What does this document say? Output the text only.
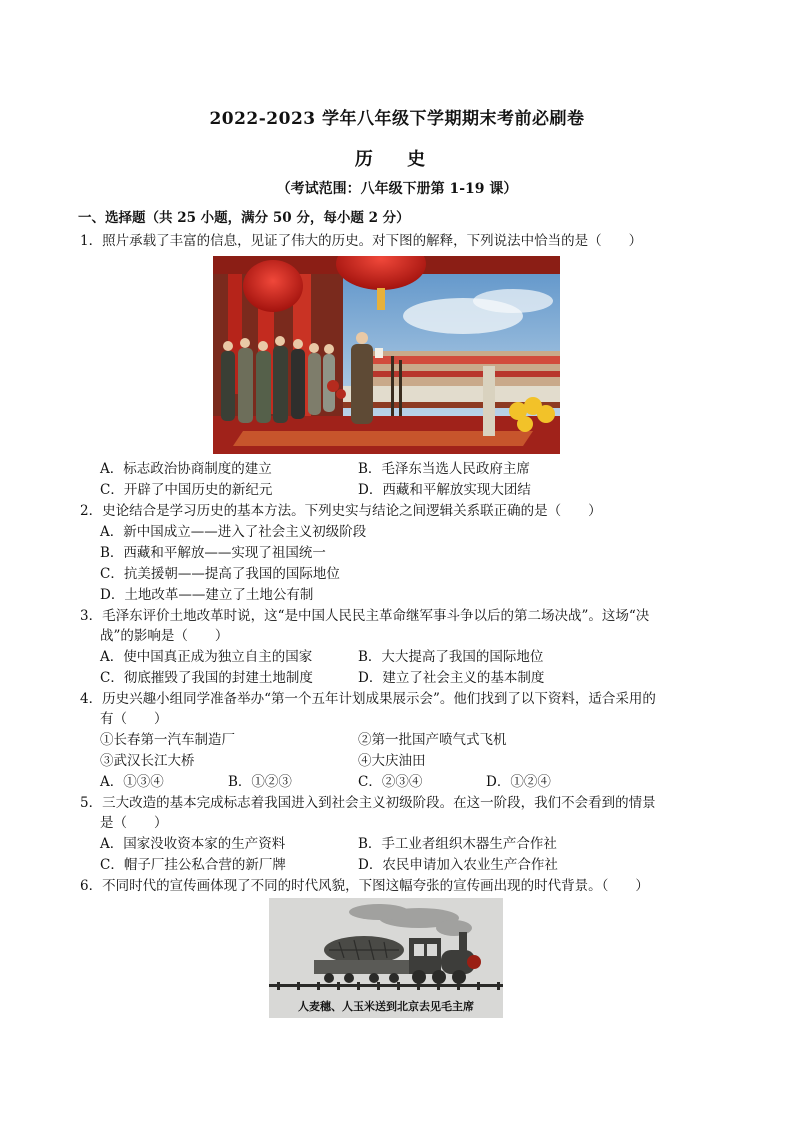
2022-2023 学年八年级下学期期末考前必刷卷
历 史
（考试范围：八年级下册第 1-19 课）
一、选择题（共 25 小题，满分 50 分，每小题 2 分）
1．照片承载了丰富的信息，见证了伟大的历史。对下图的解释，下列说法中恰当的是（　　）
A．标志政治协商制度的建立	B．毛泽东当选人民政府主席
C．开辟了中国历史的新纪元	D．西藏和平解放实现大团结
2．史论结合是学习历史的基本方法。下列史实与结论之间逻辑关系联正确的是（　　）
A．新中国成立——进入了社会主义初级阶段
B．西藏和平解放——实现了祖国统一
C．抗美援朝——提高了我国的国际地位
D．土地改革——建立了土地公有制
3．毛泽东评价土地改革时说，这“是中国人民民主革命继军事斗争以后的第二场决战”。这场“决
战”的影响是（　　）
A．使中国真正成为独立自主的国家	B．大大提高了我国的国际地位
C．彻底摧毁了我国的封建土地制度	D．建立了社会主义的基本制度
4．历史兴趣小组同学准备举办“第一个五年计划成果展示会”。他们找到了以下资料，适合采用的
有（　　）
①长春第一汽车制造厂	②第一批国产喷气式飞机
③武汉长江大桥	④大庆油田
A．①③④	B．①②③	C．②③④	D．①②④
5．三大改造的基本完成标志着我国进入到社会主义初级阶段。在这一阶段，我们不会看到的情景
是（　　）
A．国家没收资本家的生产资料	B．手工业者组织木器生产合作社
C．帽子厂挂公私合营的新厂牌	D．农民申请加入农业生产合作社
6．不同时代的宣传画体现了不同的时代风貌，下图这幅夸张的宣传画出现的时代背景。（　　）
人麦穗、人玉米送到北京去见毛主席
